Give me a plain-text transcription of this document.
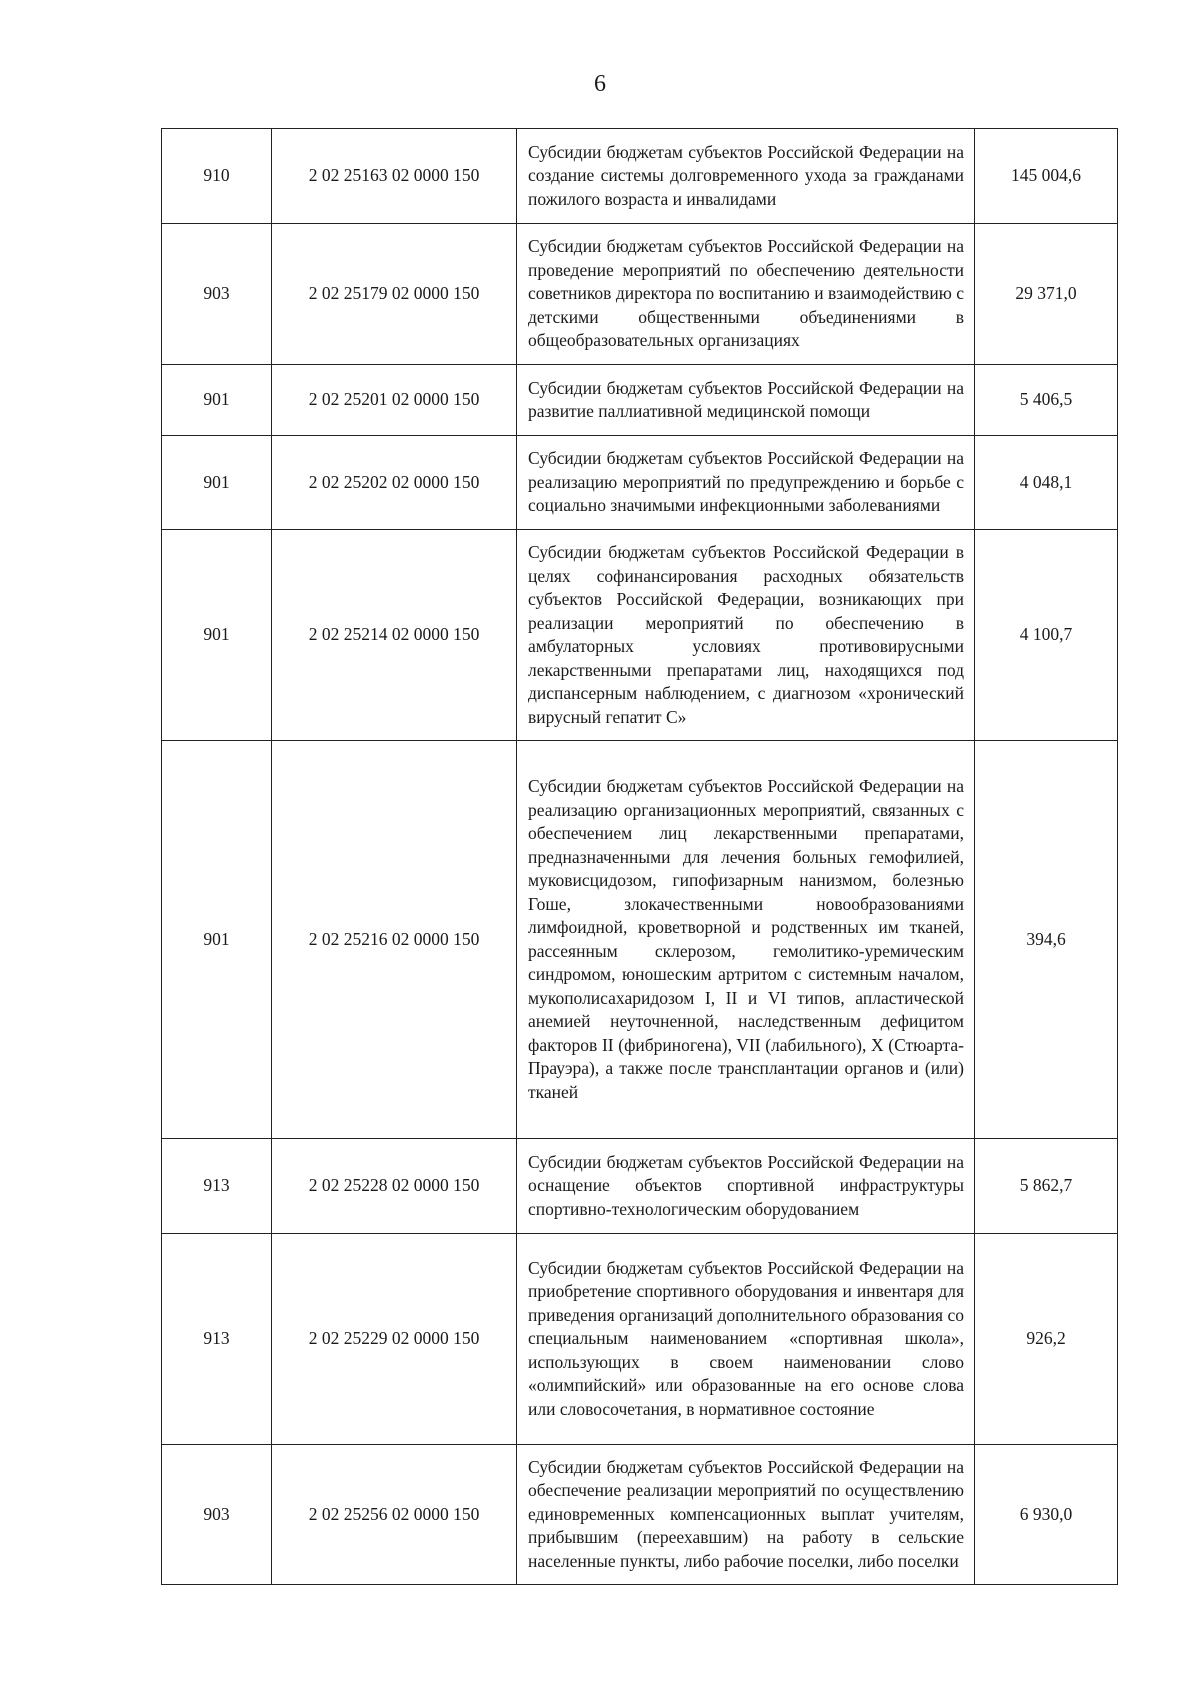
6
910	2 02 25163 02 0000 150	Субсидии бюджетам субъектов Российской Федерации на создание системы долговременного ухода за гражданами пожилого возраста и инвалидами	145 004,6
903	2 02 25179 02 0000 150	Субсидии бюджетам субъектов Российской Федерации на проведение мероприятий по обеспечению деятельности советников директора по воспитанию и взаимодействию с детскими общественными объединениями в общеобразовательных организациях	29 371,0
901	2 02 25201 02 0000 150	Субсидии бюджетам субъектов Российской Федерации на развитие паллиативной медицинской помощи	5 406,5
901	2 02 25202 02 0000 150	Субсидии бюджетам субъектов Российской Федерации на реализацию мероприятий по предупреждению и борьбе с социально значимыми инфекционными заболеваниями	4 048,1
901	2 02 25214 02 0000 150	Субсидии бюджетам субъектов Российской Федерации в целях софинансирования расходных обязательств субъектов Российской Федерации, возникающих при реализации мероприятий по обеспечению в амбулаторных условиях противовирусными лекарственными препаратами лиц, находящихся под диспансерным наблюдением, с диагнозом «хронический вирусный гепатит С»	4 100,7
901	2 02 25216 02 0000 150	Субсидии бюджетам субъектов Российской Федерации на реализацию организационных мероприятий, связанных с обеспечением лиц лекарственными препаратами, предназначенными для лечения больных гемофилией, муковисцидозом, гипофизарным нанизмом, болезнью Гоше, злокачественными новообразованиями лимфоидной, кроветворной и родственных им тканей, рассеянным склерозом, гемолитико-уремическим синдромом, юношеским артритом с системным началом, мукополисахаридозом I, II и VI типов, апластической анемией неуточненной, наследственным дефицитом факторов II (фибриногена), VII (лабильного), X (Стюарта-Прауэра), а также после трансплантации органов и (или) тканей	394,6
913	2 02 25228 02 0000 150	Субсидии бюджетам субъектов Российской Федерации на оснащение объектов спортивной инфраструктуры спортивно-технологическим оборудованием	5 862,7
913	2 02 25229 02 0000 150	Субсидии бюджетам субъектов Российской Федерации на приобретение спортивного оборудования и инвентаря для приведения организаций дополнительного образования со специальным наименованием «спортивная школа», использующих в своем наименовании слово «олимпийский» или образованные на его основе слова или словосочетания, в нормативное состояние	926,2
903	2 02 25256 02 0000 150	Субсидии бюджетам субъектов Российской Федерации на обеспечение реализации мероприятий по осуществлению единовременных компенсационных выплат учителям, прибывшим (переехавшим) на работу в сельские населенные пункты, либо рабочие поселки, либо поселки	6 930,0
